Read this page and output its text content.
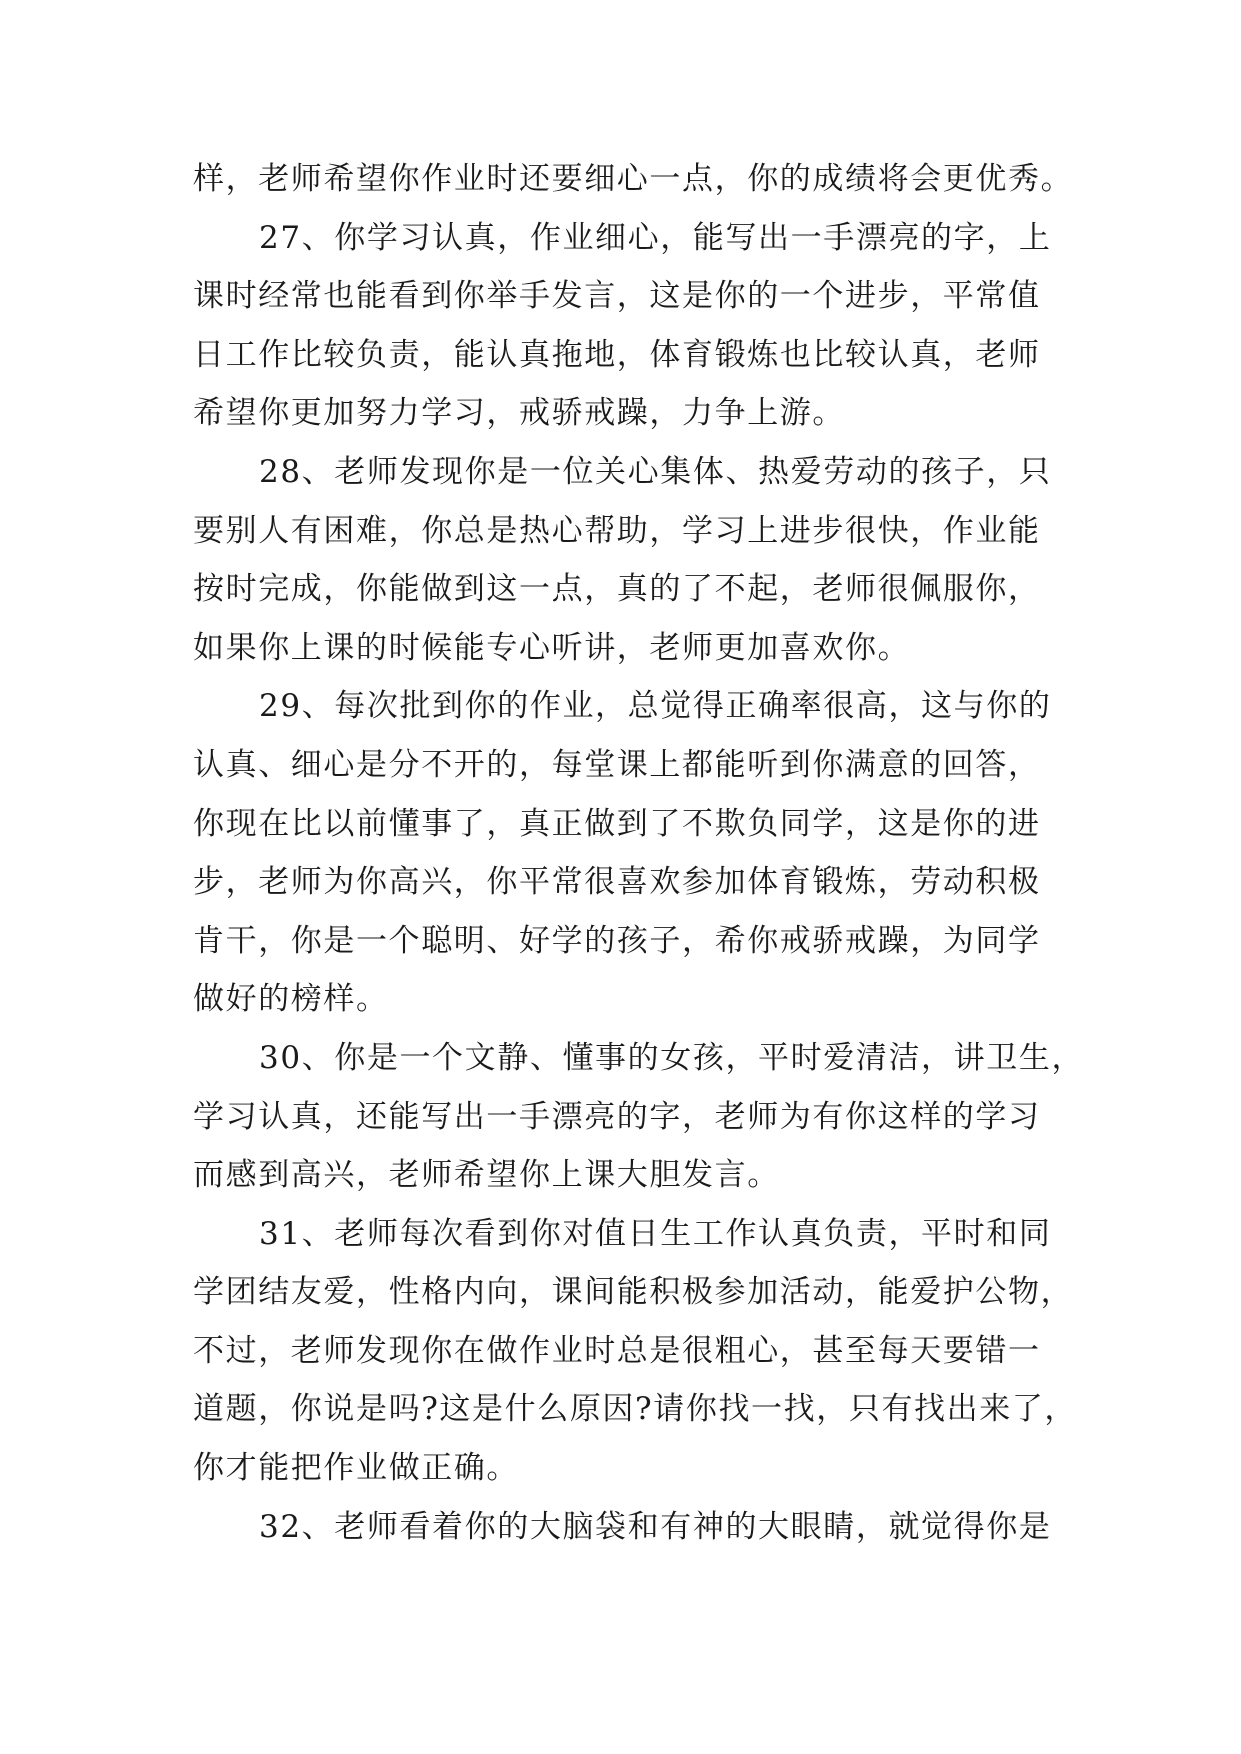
样，老师希望你作业时还要细心一点，你的成绩将会更优秀。
27、你学习认真，作业细心，能写出一手漂亮的字，上
课时经常也能看到你举手发言，这是你的一个进步，平常值
日工作比较负责，能认真拖地，体育锻炼也比较认真，老师
希望你更加努力学习，戒骄戒躁，力争上游。
28、老师发现你是一位关心集体、热爱劳动的孩子，只
要别人有困难，你总是热心帮助，学习上进步很快，作业能
按时完成，你能做到这一点，真的了不起，老师很佩服你，
如果你上课的时候能专心听讲，老师更加喜欢你。
29、每次批到你的作业，总觉得正确率很高，这与你的
认真、细心是分不开的，每堂课上都能听到你满意的回答，
你现在比以前懂事了，真正做到了不欺负同学，这是你的进
步，老师为你高兴，你平常很喜欢参加体育锻炼，劳动积极
肯干，你是一个聪明、好学的孩子，希你戒骄戒躁，为同学
做好的榜样。
30、你是一个文静、懂事的女孩，平时爱清洁，讲卫生，
学习认真，还能写出一手漂亮的字，老师为有你这样的学习
而感到高兴，老师希望你上课大胆发言。
31、老师每次看到你对值日生工作认真负责，平时和同
学团结友爱，性格内向，课间能积极参加活动，能爱护公物，
不过，老师发现你在做作业时总是很粗心，甚至每天要错一
道题，你说是吗?这是什么原因?请你找一找，只有找出来了，
你才能把作业做正确。
32、老师看着你的大脑袋和有神的大眼睛，就觉得你是
